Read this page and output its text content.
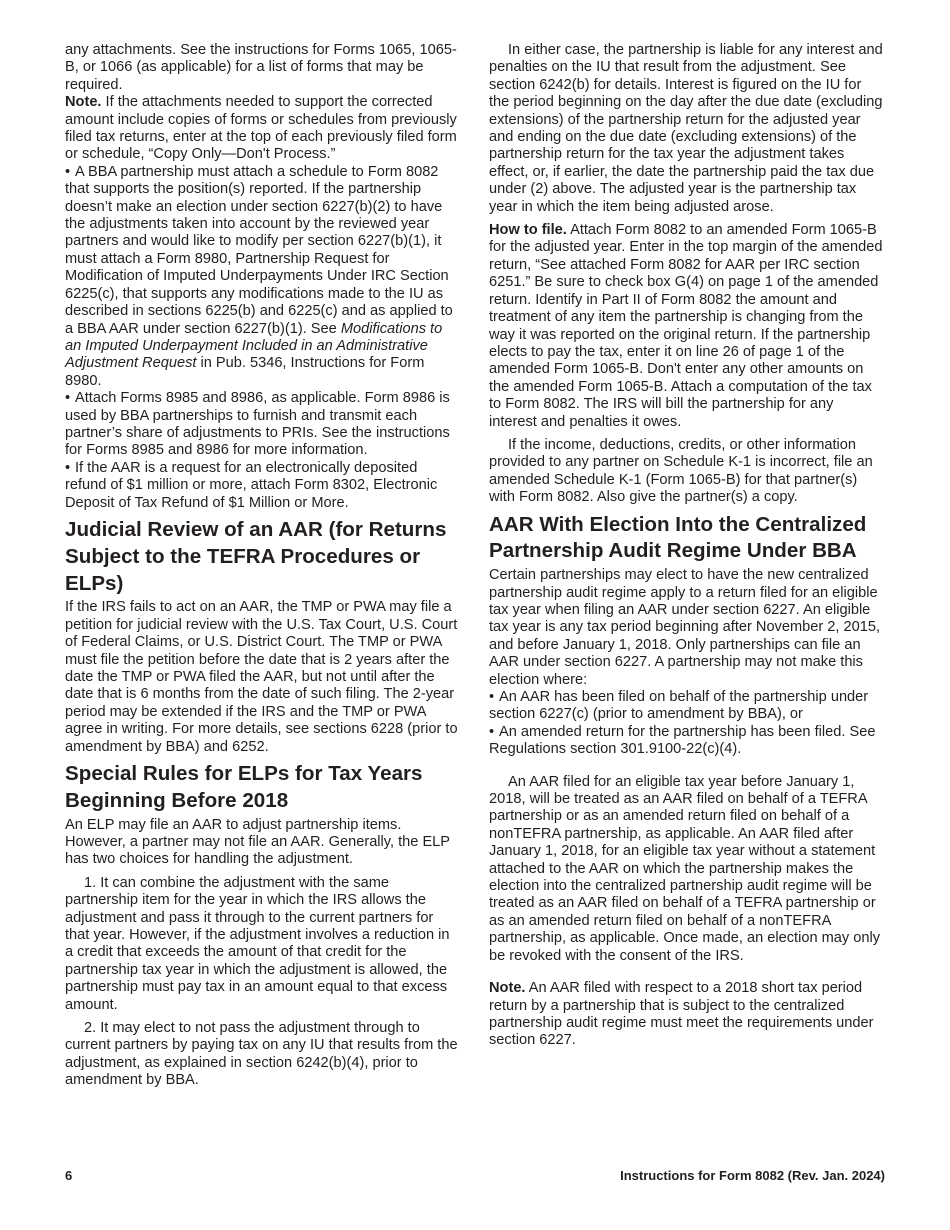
any attachments. See the instructions for Forms 1065, 1065-B, or 1066 (as applicable) for a list of forms that may be required.

Note. If the attachments needed to support the corrected amount include copies of forms or schedules from previously filed tax returns, enter at the top of each previously filed form or schedule, “Copy Only—Don't Process.”

• A BBA partnership must attach a schedule to Form 8082 that supports the position(s) reported. If the partnership doesn’t make an election under section 6227(b)(2) to have the adjustments taken into account by the reviewed year partners and would like to modify per section 6227(b)(1), it must attach a Form 8980, Partnership Request for Modification of Imputed Underpayments Under IRC Section 6225(c), that supports any modifications made to the IU as described in sections 6225(b) and 6225(c) and as applied to a BBA AAR under section 6227(b)(1). See Modifications to an Imputed Underpayment Included in an Administrative Adjustment Request in Pub. 5346, Instructions for Form 8980.

• Attach Forms 8985 and 8986, as applicable. Form 8986 is used by BBA partnerships to furnish and transmit each partner’s share of adjustments to PRIs. See the instructions for Forms 8985 and 8986 for more information.

• If the AAR is a request for an electronically deposited refund of $1 million or more, attach Form 8302, Electronic Deposit of Tax Refund of $1 Million or More.

Judicial Review of an AAR (for Returns Subject to the TEFRA Procedures or ELPs)

If the IRS fails to act on an AAR, the TMP or PWA may file a petition for judicial review with the U.S. Tax Court, U.S. Court of Federal Claims, or U.S. District Court. The TMP or PWA must file the petition before the date that is 2 years after the date the TMP or PWA filed the AAR, but not until after the date that is 6 months from the date of such filing. The 2-year period may be extended if the IRS and the TMP or PWA agree in writing. For more details, see sections 6228 (prior to amendment by BBA) and 6252.

Special Rules for ELPs for Tax Years Beginning Before 2018

An ELP may file an AAR to adjust partnership items. However, a partner may not file an AAR. Generally, the ELP has two choices for handling the adjustment.

1. It can combine the adjustment with the same partnership item for the year in which the IRS allows the adjustment and pass it through to the current partners for that year. However, if the adjustment involves a reduction in a credit that exceeds the amount of that credit for the partnership tax year in which the adjustment is allowed, the partnership must pay tax in an amount equal to that excess amount.

2. It may elect to not pass the adjustment through to current partners by paying tax on any IU that results from the adjustment, as explained in section 6242(b)(4), prior to amendment by BBA.

In either case, the partnership is liable for any interest and penalties on the IU that result from the adjustment. See section 6242(b) for details. Interest is figured on the IU for the period beginning on the day after the due date (excluding extensions) of the partnership return for the adjusted year and ending on the due date (excluding extensions) of the partnership return for the tax year the adjustment takes effect, or, if earlier, the date the partnership paid the tax due under (2) above. The adjusted year is the partnership tax year in which the item being adjusted arose.

How to file. Attach Form 8082 to an amended Form 1065-B for the adjusted year. Enter in the top margin of the amended return, “See attached Form 8082 for AAR per IRC section 6251.” Be sure to check box G(4) on page 1 of the amended return. Identify in Part II of Form 8082 the amount and treatment of any item the partnership is changing from the way it was reported on the original return. If the partnership elects to pay the tax, enter it on line 26 of page 1 of the amended Form 1065-B. Don't enter any other amounts on the amended Form 1065-B. Attach a computation of the tax to Form 8082. The IRS will bill the partnership for any interest and penalties it owes.

If the income, deductions, credits, or other information provided to any partner on Schedule K-1 is incorrect, file an amended Schedule K-1 (Form 1065-B) for that partner(s) with Form 8082. Also give the partner(s) a copy.

AAR With Election Into the Centralized Partnership Audit Regime Under BBA

Certain partnerships may elect to have the new centralized partnership audit regime apply to a return filed for an eligible tax year when filing an AAR under section 6227. An eligible tax year is any tax period beginning after November 2, 2015, and before January 1, 2018. Only partnerships can file an AAR under section 6227. A partnership may not make this election where:

• An AAR has been filed on behalf of the partnership under section 6227(c) (prior to amendment by BBA), or

• An amended return for the partnership has been filed. See Regulations section 301.9100-22(c)(4).

An AAR filed for an eligible tax year before January 1, 2018, will be treated as an AAR filed on behalf of a TEFRA partnership or as an amended return filed on behalf of a nonTEFRA partnership, as applicable. An AAR filed after January 1, 2018, for an eligible tax year without a statement attached to the AAR on which the partnership makes the election into the centralized partnership audit regime will be treated as an AAR filed on behalf of a TEFRA partnership or as an amended return filed on behalf of a nonTEFRA partnership, as applicable. Once made, an election may only be revoked with the consent of the IRS.

Note. An AAR filed with respect to a 2018 short tax period return by a partnership that is subject to the centralized partnership audit regime must meet the requirements under section 6227.

6	Instructions for Form 8082 (Rev. Jan. 2024)
